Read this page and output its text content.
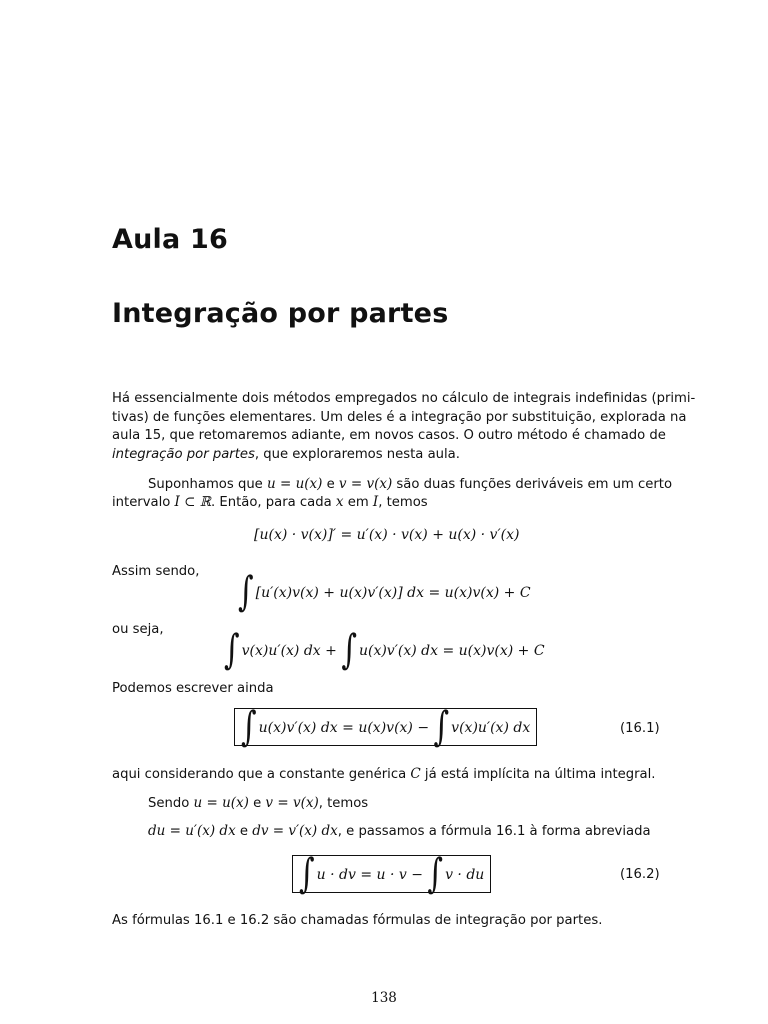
Aula 16
Integração por partes
Há essencialmente dois métodos empregados no cálculo de integrais indefinidas (primi-
tivas) de funções elementares. Um deles é a integração por substituição, explorada na
aula 15, que retomaremos adiante, em novos casos. O outro método é chamado de
integração por partes, que exploraremos nesta aula.
Suponhamos que u = u(x) e v = v(x) são duas funções deriváveis em um certo
intervalo I ⊂ ℝ. Então, para cada x em I, temos
[u(x) · v(x)]′ = u′(x) · v(x) + u(x) · v′(x)
Assim sendo, ∫ [u′(x)v(x) + u(x)v′(x)] dx = u(x)v(x) + C
ou seja, ∫ v(x)u′(x) dx + ∫ u(x)v′(x) dx = u(x)v(x) + C
Podemos escrever ainda
∫ u(x)v′(x) dx = u(x)v(x) − ∫ v(x)u′(x) dx	(16.1)
aqui considerando que a constante genérica C já está implícita na última integral.
Sendo u = u(x) e v = v(x), temos
du = u′(x) dx e dv = v′(x) dx, e passamos a fórmula 16.1 à forma abreviada
∫ u · dv = u · v − ∫ v · du	(16.2)
As fórmulas 16.1 e 16.2 são chamadas fórmulas de integração por partes.
138
